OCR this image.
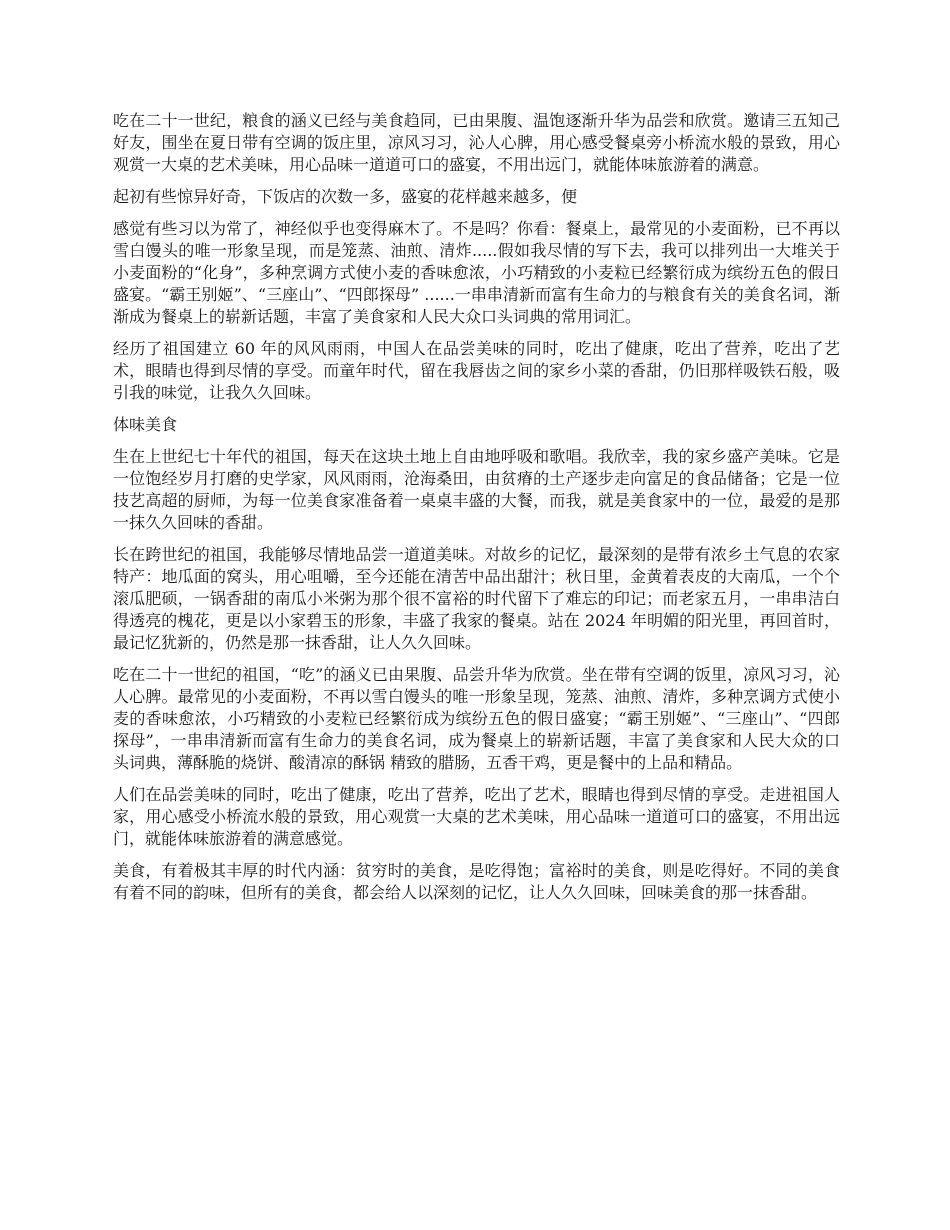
吃在二十一世纪，粮食的涵义已经与美食趋同，已由果腹、温饱逐渐升华为品尝和欣赏。邀请三五知己好友，围坐在夏日带有空调的饭庄里，凉风习习，沁人心脾，用心感受餐桌旁小桥流水般的景致，用心观赏一大桌的艺术美味，用心品味一道道可口的盛宴，不用出远门，就能体味旅游着的满意。

起初有些惊异好奇，下饭店的次数一多，盛宴的花样越来越多，便

感觉有些习以为常了，神经似乎也变得麻木了。不是吗？你看：餐桌上，最常见的小麦面粉，已不再以雪白馒头的唯一形象呈现，而是笼蒸、油煎、清炸.....假如我尽情的写下去，我可以排列出一大堆关于小麦面粉的“化身”，多种烹调方式使小麦的香味愈浓，小巧精致的小麦粒已经繁衍成为缤纷五色的假日盛宴。“霸王别姬”、“三座山”、“四郎探母” ......一串串清新而富有生命力的与粮食有关的美食名词，渐渐成为餐桌上的崭新话题，丰富了美食家和人民大众口头词典的常用词汇。

经历了祖国建立 60 年的风风雨雨，中国人在品尝美味的同时，吃出了健康，吃出了营养，吃出了艺术，眼睛也得到尽情的享受。而童年时代，留在我唇齿之间的家乡小菜的香甜，仍旧那样吸铁石般，吸引我的味觉，让我久久回味。

体味美食

生在上世纪七十年代的祖国，每天在这块土地上自由地呼吸和歌唱。我欣幸，我的家乡盛产美味。它是一位饱经岁月打磨的史学家，风风雨雨，沧海桑田，由贫瘠的土产逐步走向富足的食品储备；它是一位技艺高超的厨师，为每一位美食家准备着一桌桌丰盛的大餐，而我，就是美食家中的一位，最爱的是那一抹久久回味的香甜。

长在跨世纪的祖国，我能够尽情地品尝一道道美味。对故乡的记忆，最深刻的是带有浓乡土气息的农家特产：地瓜面的窝头，用心咀嚼，至今还能在清苦中品出甜汁；秋日里，金黄着表皮的大南瓜，一个个滚瓜肥硕，一锅香甜的南瓜小米粥为那个很不富裕的时代留下了难忘的印记；而老家五月，一串串洁白得透亮的槐花，更是以小家碧玉的形象，丰盛了我家的餐桌。站在 2024 年明媚的阳光里，再回首时，最记忆犹新的，仍然是那一抹香甜，让人久久回味。

吃在二十一世纪的祖国，“吃”的涵义已由果腹、品尝升华为欣赏。坐在带有空调的饭里，凉风习习，沁人心脾。最常见的小麦面粉，不再以雪白馒头的唯一形象呈现，笼蒸、油煎、清炸，多种烹调方式使小麦的香味愈浓，小巧精致的小麦粒已经繁衍成为缤纷五色的假日盛宴；“霸王别姬”、“三座山”、“四郎探母”，一串串清新而富有生命力的美食名词，成为餐桌上的崭新话题，丰富了美食家和人民大众的口头词典，薄酥脆的烧饼、酸清凉的酥锅 精致的腊肠，五香干鸡，更是餐中的上品和精品。

人们在品尝美味的同时，吃出了健康，吃出了营养，吃出了艺术，眼睛也得到尽情的享受。走进祖国人家，用心感受小桥流水般的景致，用心观赏一大桌的艺术美味，用心品味一道道可口的盛宴，不用出远门，就能体味旅游着的满意感觉。

美食，有着极其丰厚的时代内涵：贫穷时的美食，是吃得饱；富裕时的美食，则是吃得好。不同的美食有着不同的韵味，但所有的美食，都会给人以深刻的记忆，让人久久回味，回味美食的那一抹香甜。
